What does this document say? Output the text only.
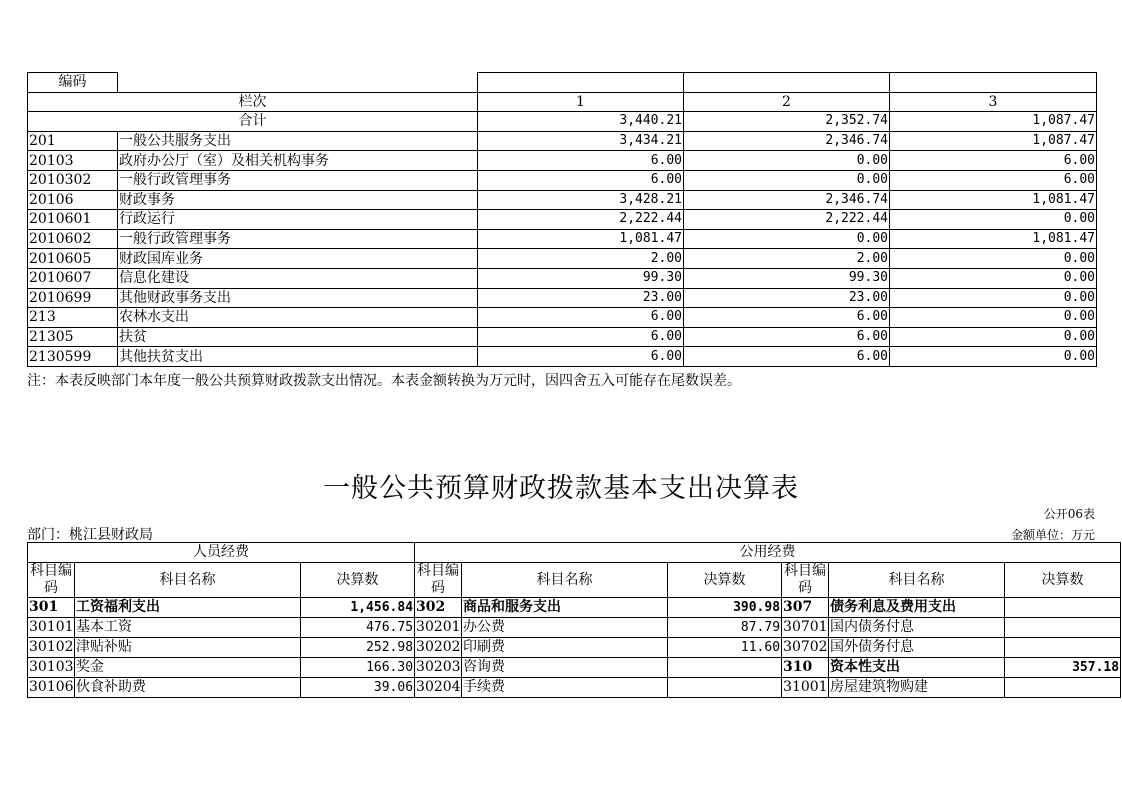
编码				
栏次		1	2	3
合计		3,440.21	2,352.74	1,087.47
201	一般公共服务支出	3,434.21	2,346.74	1,087.47
20103	政府办公厅（室）及相关机构事务	6.00	0.00	6.00
2010302	一般行政管理事务	6.00	0.00	6.00
20106	财政事务	3,428.21	2,346.74	1,081.47
2010601	行政运行	2,222.44	2,222.44	0.00
2010602	一般行政管理事务	1,081.47	0.00	1,081.47
2010605	财政国库业务	2.00	2.00	0.00
2010607	信息化建设	99.30	99.30	0.00
2010699	其他财政事务支出	23.00	23.00	0.00
213	农林水支出	6.00	6.00	0.00
21305	扶贫	6.00	6.00	0.00
2130599	其他扶贫支出	6.00	6.00	0.00
注：本表反映部门本年度一般公共预算财政拨款支出情况。本表金额转换为万元时，因四舍五入可能存在尾数误差。
一般公共预算财政拨款基本支出决算表
公开06表
部门：桃江县财政局	金额单位：万元
人员经费			公用经费					
科目编码	科目名称	决算数	科目编码	科目名称	决算数	科目编码	科目名称	决算数
301	工资福利支出	1,456.84	302	商品和服务支出	390.98	307	债务利息及费用支出	
30101	基本工资	476.75	30201	办公费	87.79	30701	国内债务付息	
30102	津贴补贴	252.98	30202	印刷费	11.60	30702	国外债务付息	
30103	奖金	166.30	30203	咨询费		310	资本性支出	357.18
30106	伙食补助费	39.06	30204	手续费		31001	房屋建筑物购建	
